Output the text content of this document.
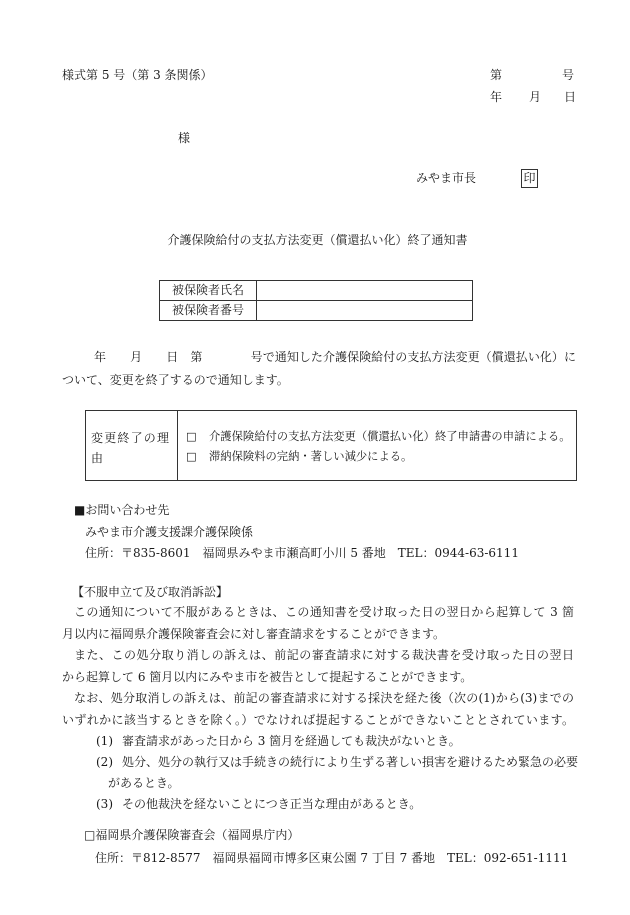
様式第 5 号（第 3 条関係）	第	号
年 月 日
様
みやま市長	印
介護保険給付の支払方法変更（償還払い化）終了通知書
被保険者氏名	
被保険者番号	
年　　月　　日　第　　　　号で通知した介護保険給付の支払方法変更（償還払い化）に
ついて、変更を終了するので通知します。
変更終了の理由
□ 介護保険給付の支払方法変更（償還払い化）終了申請書の申請による。
□ 滞納保険料の完納・著しい減少による。
■お問い合わせ先
みやま市介護支援課介護保険係
住所：〒835-8601　福岡県みやま市瀬高町小川 5 番地　TEL：0944-63-6111
【不服申立て及び取消訴訟】
この通知について不服があるときは、この通知書を受け取った日の翌日から起算して 3 箇
月以内に福岡県介護保険審査会に対し審査請求をすることができます。
また、この処分取り消しの訴えは、前記の審査請求に対する裁決書を受け取った日の翌日
から起算して 6 箇月以内にみやま市を被告として提起することができます。
なお、処分取消しの訴えは、前記の審査請求に対する採決を経た後（次の(1)から(3)までの
いずれかに該当するときを除く。）でなければ提起することができないこととされています。
(1) 審査請求があった日から 3 箇月を経過しても裁決がないとき。
(2) 処分、処分の執行又は手続きの続行により生ずる著しい損害を避けるため緊急の必要
があるとき。
(3) その他裁決を経ないことにつき正当な理由があるとき。
□福岡県介護保険審査会（福岡県庁内）
住所：〒812-8577　福岡県福岡市博多区東公園 7 丁目 7 番地　TEL：092-651-1111
